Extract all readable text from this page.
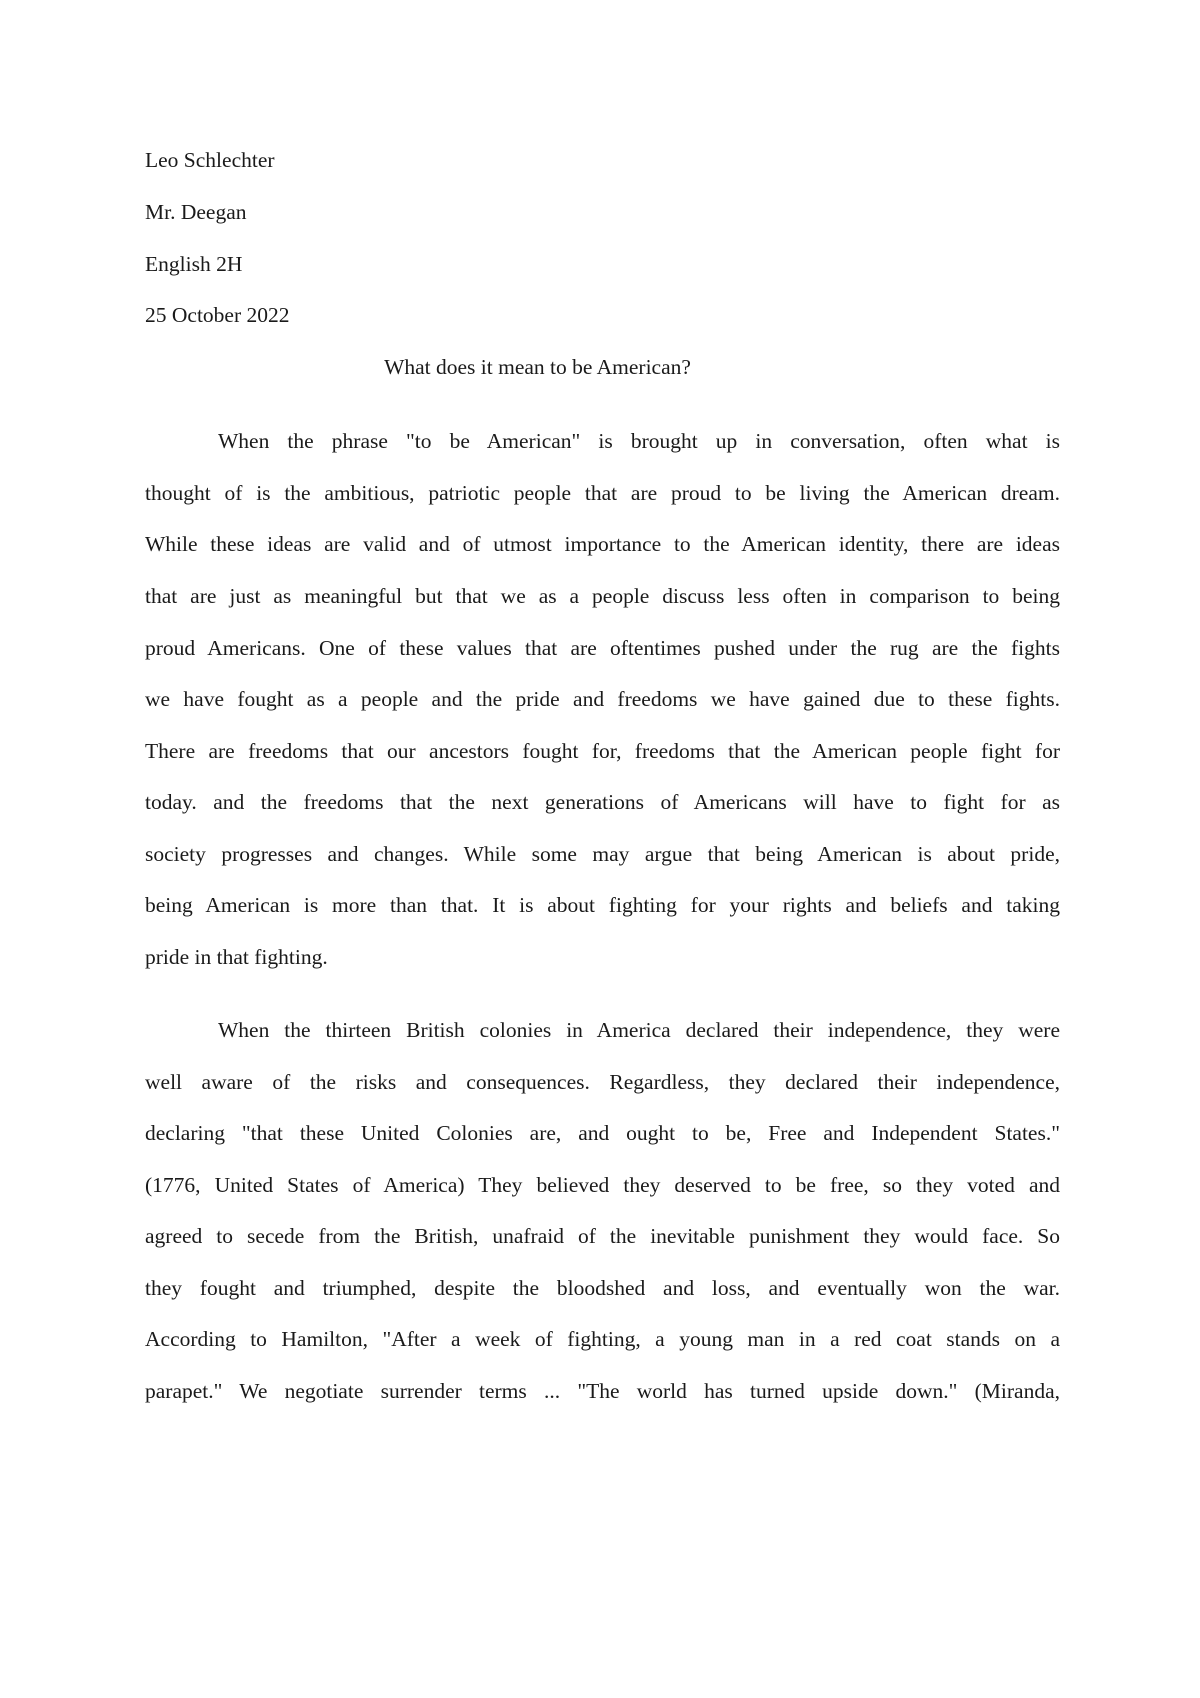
Leo Schlechter
Mr. Deegan
English 2H
25 October 2022
What does it mean to be American?
When the phrase "to be American" is brought up in conversation, often what is
thought of is the ambitious, patriotic people that are proud to be living the American dream.
While these ideas are valid and of utmost importance to the American identity, there are ideas
that are just as meaningful but that we as a people discuss less often in comparison to being
proud Americans. One of these values that are oftentimes pushed under the rug are the fights
we have fought as a people and the pride and freedoms we have gained due to these fights.
There are freedoms that our ancestors fought for, freedoms that the American people fight for
today. and the freedoms that the next generations of Americans will have to fight for as
society progresses and changes. While some may argue that being American is about pride,
being American is more than that. It is about fighting for your rights and beliefs and taking
pride in that fighting.
When the thirteen British colonies in America declared their independence, they were
well aware of the risks and consequences. Regardless, they declared their independence,
declaring "that these United Colonies are, and ought to be, Free and Independent States."
(1776, United States of America) They believed they deserved to be free, so they voted and
agreed to secede from the British, unafraid of the inevitable punishment they would face. So
they fought and triumphed, despite the bloodshed and loss, and eventually won the war.
According to Hamilton, "After a week of fighting, a young man in a red coat stands on a
parapet." We negotiate surrender terms ... "The world has turned upside down." (Miranda,
